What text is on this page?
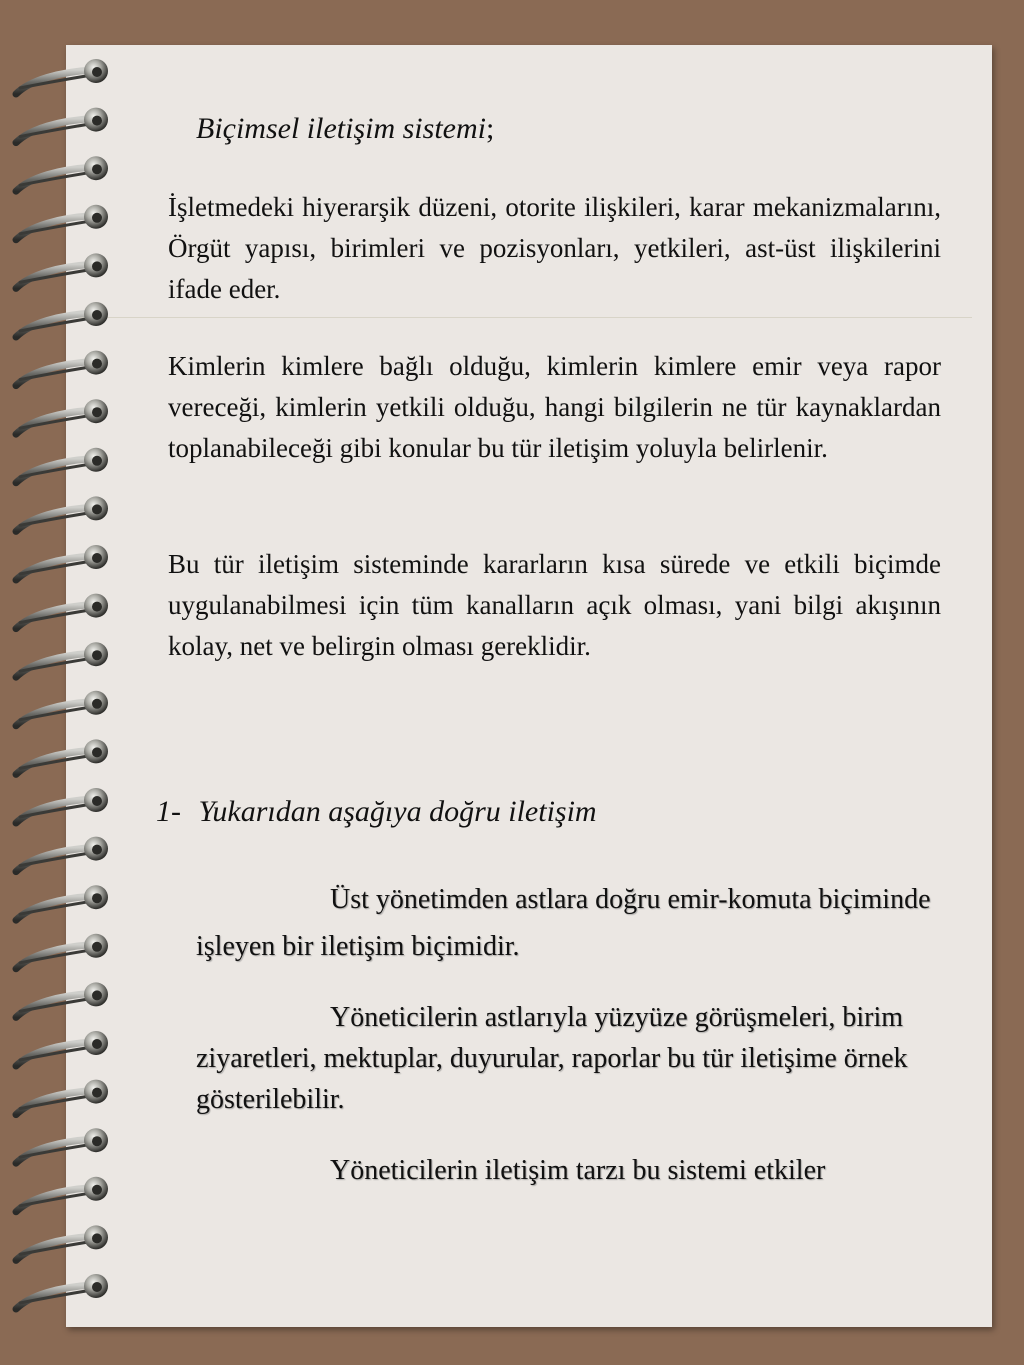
Biçimsel iletişim sistemi;
İşletmedeki hiyerarşik düzeni, otorite ilişkileri, karar mekanizmalarını, Örgüt yapısı, birimleri ve pozisyonları, yetkileri, ast-üst ilişkilerini ifade eder.
Kimlerin kimlere bağlı olduğu, kimlerin kimlere emir veya rapor vereceği, kimlerin yetkili olduğu, hangi bilgilerin ne tür kaynaklardan toplanabileceği gibi konular bu tür iletişim yoluyla belirlenir.
Bu tür iletişim sisteminde kararların kısa sürede ve etkili biçimde uygulanabilmesi için tüm kanalların açık olması, yani bilgi akışının kolay, net ve belirgin olması gereklidir.
1- Yukarıdan aşağıya doğru iletişim
Üst yönetimden astlara doğru emir-komuta biçiminde işleyen bir iletişim biçimidir.
Yöneticilerin astlarıyla yüzyüze görüşmeleri, birim ziyaretleri, mektuplar, duyurular, raporlar bu tür iletişime örnek gösterilebilir.
Yöneticilerin iletişim tarzı bu sistemi etkiler
